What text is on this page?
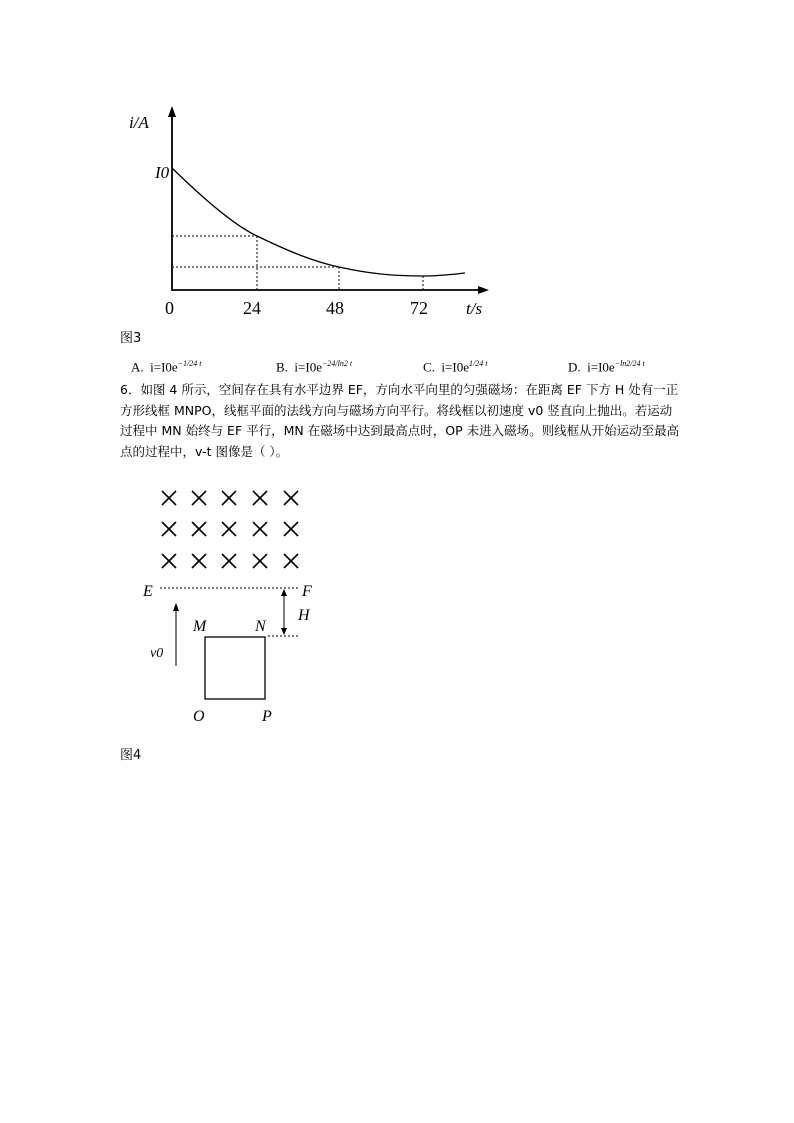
i/A
I0
0	24	48	72 t/s
图3
A. $i=I0e^{-1/24 t}$	B. $i=I0e^{-24/ln2 t}$	C. $i=I0e^{1/24 t}$	D. $i=I0e^{-ln2/24 t}$
6．如图 4 所示，空间存在具有水平边界 EF，方向水平向里的匀强磁场：在距离 EF 下方 H 处有一正方形线框 MNPO，线框平面的法线方向与磁场方向平行。将线框以初速度 v0 竖直向上抛出。若运动过程中 MN 始终与 EF 平行，MN 在磁场中达到最高点时，OP 未进入磁场。则线框从开始运动至最高点的过程中，v-t 图像是（ ）。
E	F
H
M	N
O	P
v0
图4
